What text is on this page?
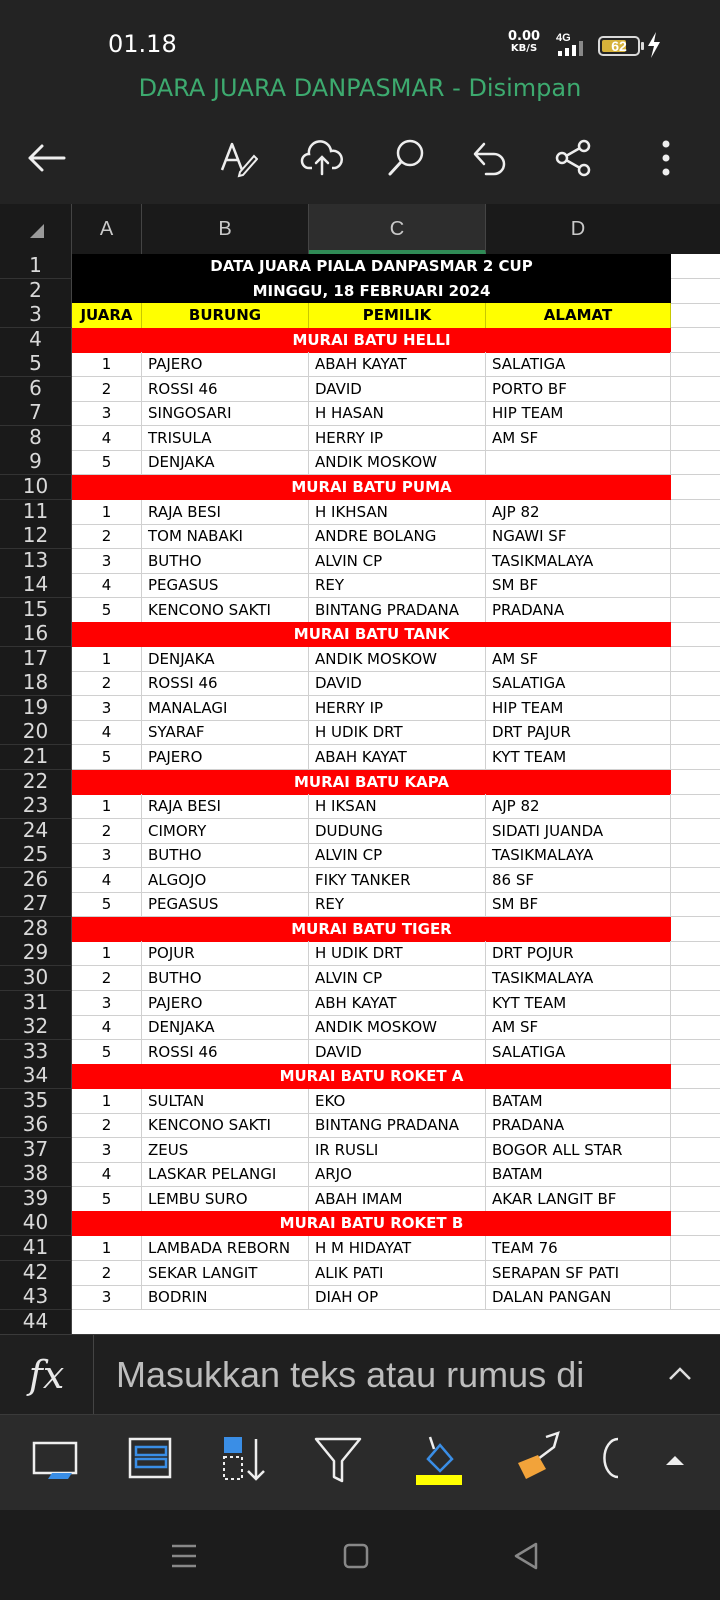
01.18	0.00
KB/S
4G	62
DARA JUARA DANPASMAR - Disimpan
A	B	C	D
1	DATA JUARA PIALA DANPASMAR 2 CUP
2	MINGGU, 18 FEBRUARI 2024
3	JUARA	BURUNG	PEMILIK	ALAMAT
4	MURAI BATU HELLI
5	1	PAJERO	ABAH KAYAT	SALATIGA
6	2	ROSSI 46	DAVID	PORTO BF
7	3	SINGOSARI	H HASAN	HIP TEAM
8	4	TRISULA	HERRY IP	AM SF
9	5	DENJAKA	ANDIK MOSKOW
10	MURAI BATU PUMA
11	1	RAJA BESI	H IKHSAN	AJP 82
12	2	TOM NABAKI	ANDRE BOLANG	NGAWI SF
13	3	BUTHO	ALVIN CP	TASIKMALAYA
14	4	PEGASUS	REY	SM BF
15	5	KENCONO SAKTI	BINTANG PRADANA	PRADANA
16	MURAI BATU TANK
17	1	DENJAKA	ANDIK MOSKOW	AM SF
18	2	ROSSI 46	DAVID	SALATIGA
19	3	MANALAGI	HERRY IP	HIP TEAM
20	4	SYARAF	H UDIK DRT	DRT PAJUR
21	5	PAJERO	ABAH KAYAT	KYT TEAM
22	MURAI BATU KAPA
23	1	RAJA BESI	H IKSAN	AJP 82
24	2	CIMORY	DUDUNG	SIDATI JUANDA
25	3	BUTHO	ALVIN CP	TASIKMALAYA
26	4	ALGOJO	FIKY TANKER	86 SF
27	5	PEGASUS	REY	SM BF
28	MURAI BATU TIGER
29	1	POJUR	H UDIK DRT	DRT POJUR
30	2	BUTHO	ALVIN CP	TASIKMALAYA
31	3	PAJERO	ABH KAYAT	KYT TEAM
32	4	DENJAKA	ANDIK MOSKOW	AM SF
33	5	ROSSI 46	DAVID	SALATIGA
34	MURAI BATU ROKET A
35	1	SULTAN	EKO	BATAM
36	2	KENCONO SAKTI	BINTANG PRADANA	PRADANA
37	3	ZEUS	IR RUSLI	BOGOR ALL STAR
38	4	LASKAR PELANGI	ARJO	BATAM
39	5	LEMBU SURO	ABAH IMAM	AKAR LANGIT BF
40	MURAI BATU ROKET B
41	1	LAMBADA REBORN	H M HIDAYAT	TEAM 76
42	2	SEKAR LANGIT	ALIK PATI	SERAPAN SF PATI
43	3	BODRIN	DIAH OP	DALAN PANGAN
44
fx	Masukkan teks atau rumus di
